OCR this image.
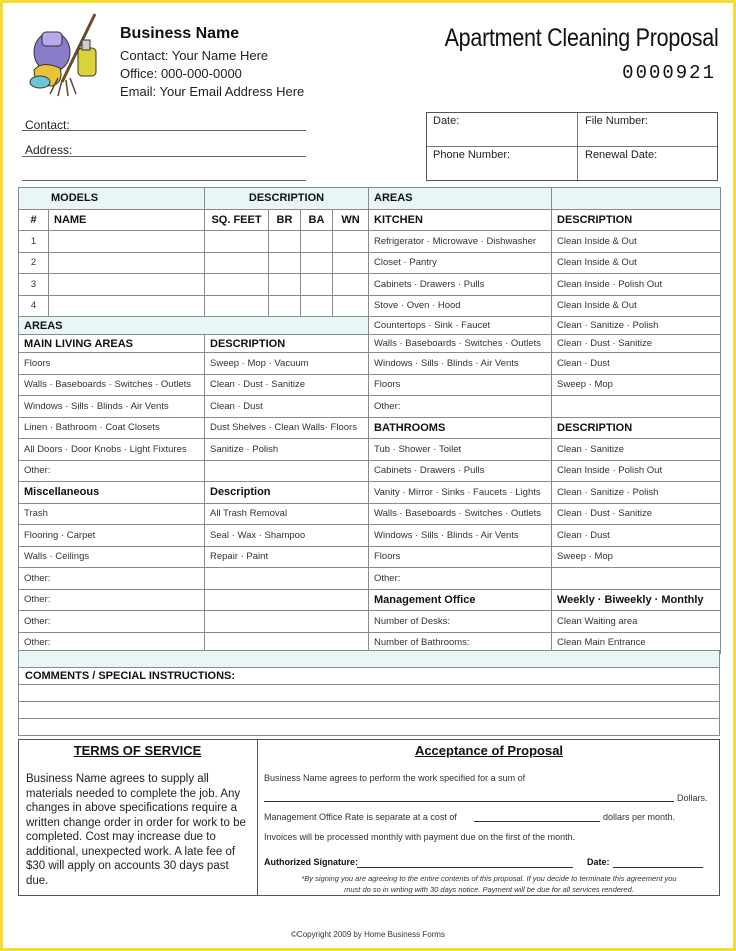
Business Name
Contact: Your Name Here
Office: 000-000-0000
Email: Your Email Address Here
Apartment Cleaning Proposal
0000921
Contact:
Address:
Date:	File Number:
Phone Number:	Renewal Date:
MODELS		DESCRIPTION				AREAS	
#	NAME	SQ. FEET	BR	BA	WN	KITCHEN	DESCRIPTION
1						Refrigerator · Microwave · Dishwasher	Clean Inside & Out
2						Closet · Pantry	Clean Inside & Out
3						Cabinets · Drawers · Pulls	Clean Inside · Polish Out
4						Stove · Oven · Hood	Clean Inside & Out
AREAS						Countertops · Sink · Faucet	Clean · Sanitize · Polish
MAIN LIVING AREAS		DESCRIPTION				Walls · Baseboards · Switches · Outlets	Clean · Dust · Sanitize
Floors		Sweep · Mop · Vacuum				Windows · Sills · Blinds · Air Vents	Clean · Dust
Walls · Baseboards · Switches · Outlets		Clean · Dust · Sanitize				Floors	Sweep · Mop
Windows · Sills · Blinds · Air Vents		Clean · Dust				Other:	
Linen · Bathroom · Coat Closets		Dust Shelves · Clean Walls· Floors				BATHROOMS	DESCRIPTION
All Doors · Door Knobs · Light Fixtures		Sanitize · Polish				Tub · Shower · Toilet	Clean · Sanitize
Other:						Cabinets · Drawers · Pulls	Clean Inside · Polish Out
Miscellaneous		Description				Vanity · Mirror · Sinks · Faucets · Lights	Clean · Sanitize · Polish
Trash		All Trash Removal				Walls · Baseboards · Switches · Outlets	Clean · Dust · Sanitize
Flooring · Carpet		Seal · Wax · Shampoo				Windows · Sills · Blinds · Air Vents	Clean · Dust
Walls · Ceilings		Repair · Paint				Floors	Sweep · Mop
Other:						Other:	
Other:						Management Office	Weekly · Biweekly · Monthly
Other:						Number of Desks:	Clean Waiting area
Other:						Number of Bathrooms:	Clean Main Entrance

COMMENTS / SPECIAL INSTRUCTIONS:

TERMS OF SERVICE
Business Name agrees to supply all materials needed to complete the job. Any changes in above specifications require a written change order in order for work to be completed. Cost may increase due to additional, unexpected work. A late fee of $30 will apply on accounts 30 days past due.
Acceptance of Proposal
Business Name agrees to perform the work specified for a sum of
Dollars.
Management Office Rate is separate at a cost of	dollars per month.
Invoices will be processed monthly with payment due on the first of the month.
Authorized Signature:	Date:
*By signing you are agreeing to the entire contents of this proposal. If you decide to terminate this agreement you
must do so in writing with 30 days notice. Payment will be due for all services rendered.
©Copyright 2009 by Home Business Forms
